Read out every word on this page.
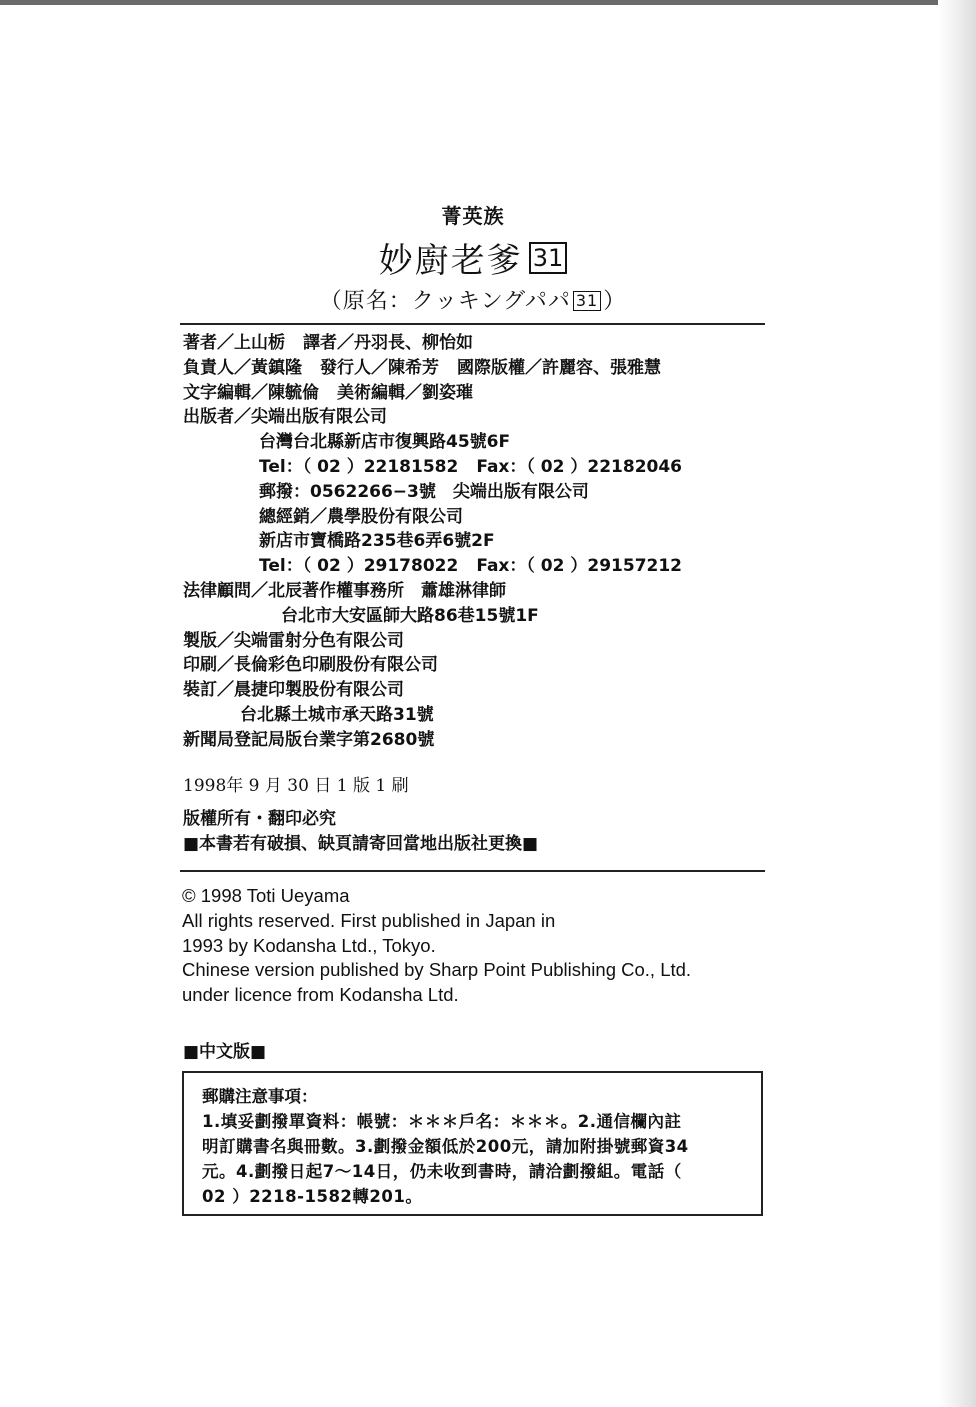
菁英族
妙廚老爹 31
（原名：クッキングパパ 31 ）
著者／上山栃 譯者／丹羽長、柳怡如
負責人／黃鎮隆 發行人／陳希芳 國際版權／許麗容、張雅慧
文字編輯／陳毓倫 美術編輯／劉姿璀
出版者／尖端出版有限公司
台灣台北縣新店市復興路45號6F
Tel：（ 02 ）22181582 Fax：（ 02 ）22182046
郵撥：0562266−3號　尖端出版有限公司
總經銷／農學股份有限公司
新店市寶橋路235巷6弄6號2F
Tel：（ 02 ）29178022 Fax：（ 02 ）29157212
法律顧問／北辰著作權事務所　蕭雄淋律師
台北市大安區師大路86巷15號1F
製版／尖端雷射分色有限公司
印刷／長倫彩色印刷股份有限公司
裝訂／晨捷印製股份有限公司
台北縣土城市承天路31號
新聞局登記局版台業字第2680號
1998年 9 月 30 日 1 版 1 刷
版權所有・翻印必究
■本書若有破損、缺頁請寄回當地出版社更換■
© 1998 Toti Ueyama
All rights reserved. First published in Japan in
1993 by Kodansha Ltd., Tokyo.
Chinese version published by Sharp Point Publishing Co., Ltd.
under licence from Kodansha Ltd.
■中文版■
郵購注意事項：
1.填妥劃撥單資料：帳號：＊＊＊戶名：＊＊＊。2.通信欄內註
明訂購書名與冊數。3.劃撥金額低於200元，請加附掛號郵資34
元。4.劃撥日起7～14日，仍未收到書時，請洽劃撥組。電話（
02 ）2218-1582轉201。
